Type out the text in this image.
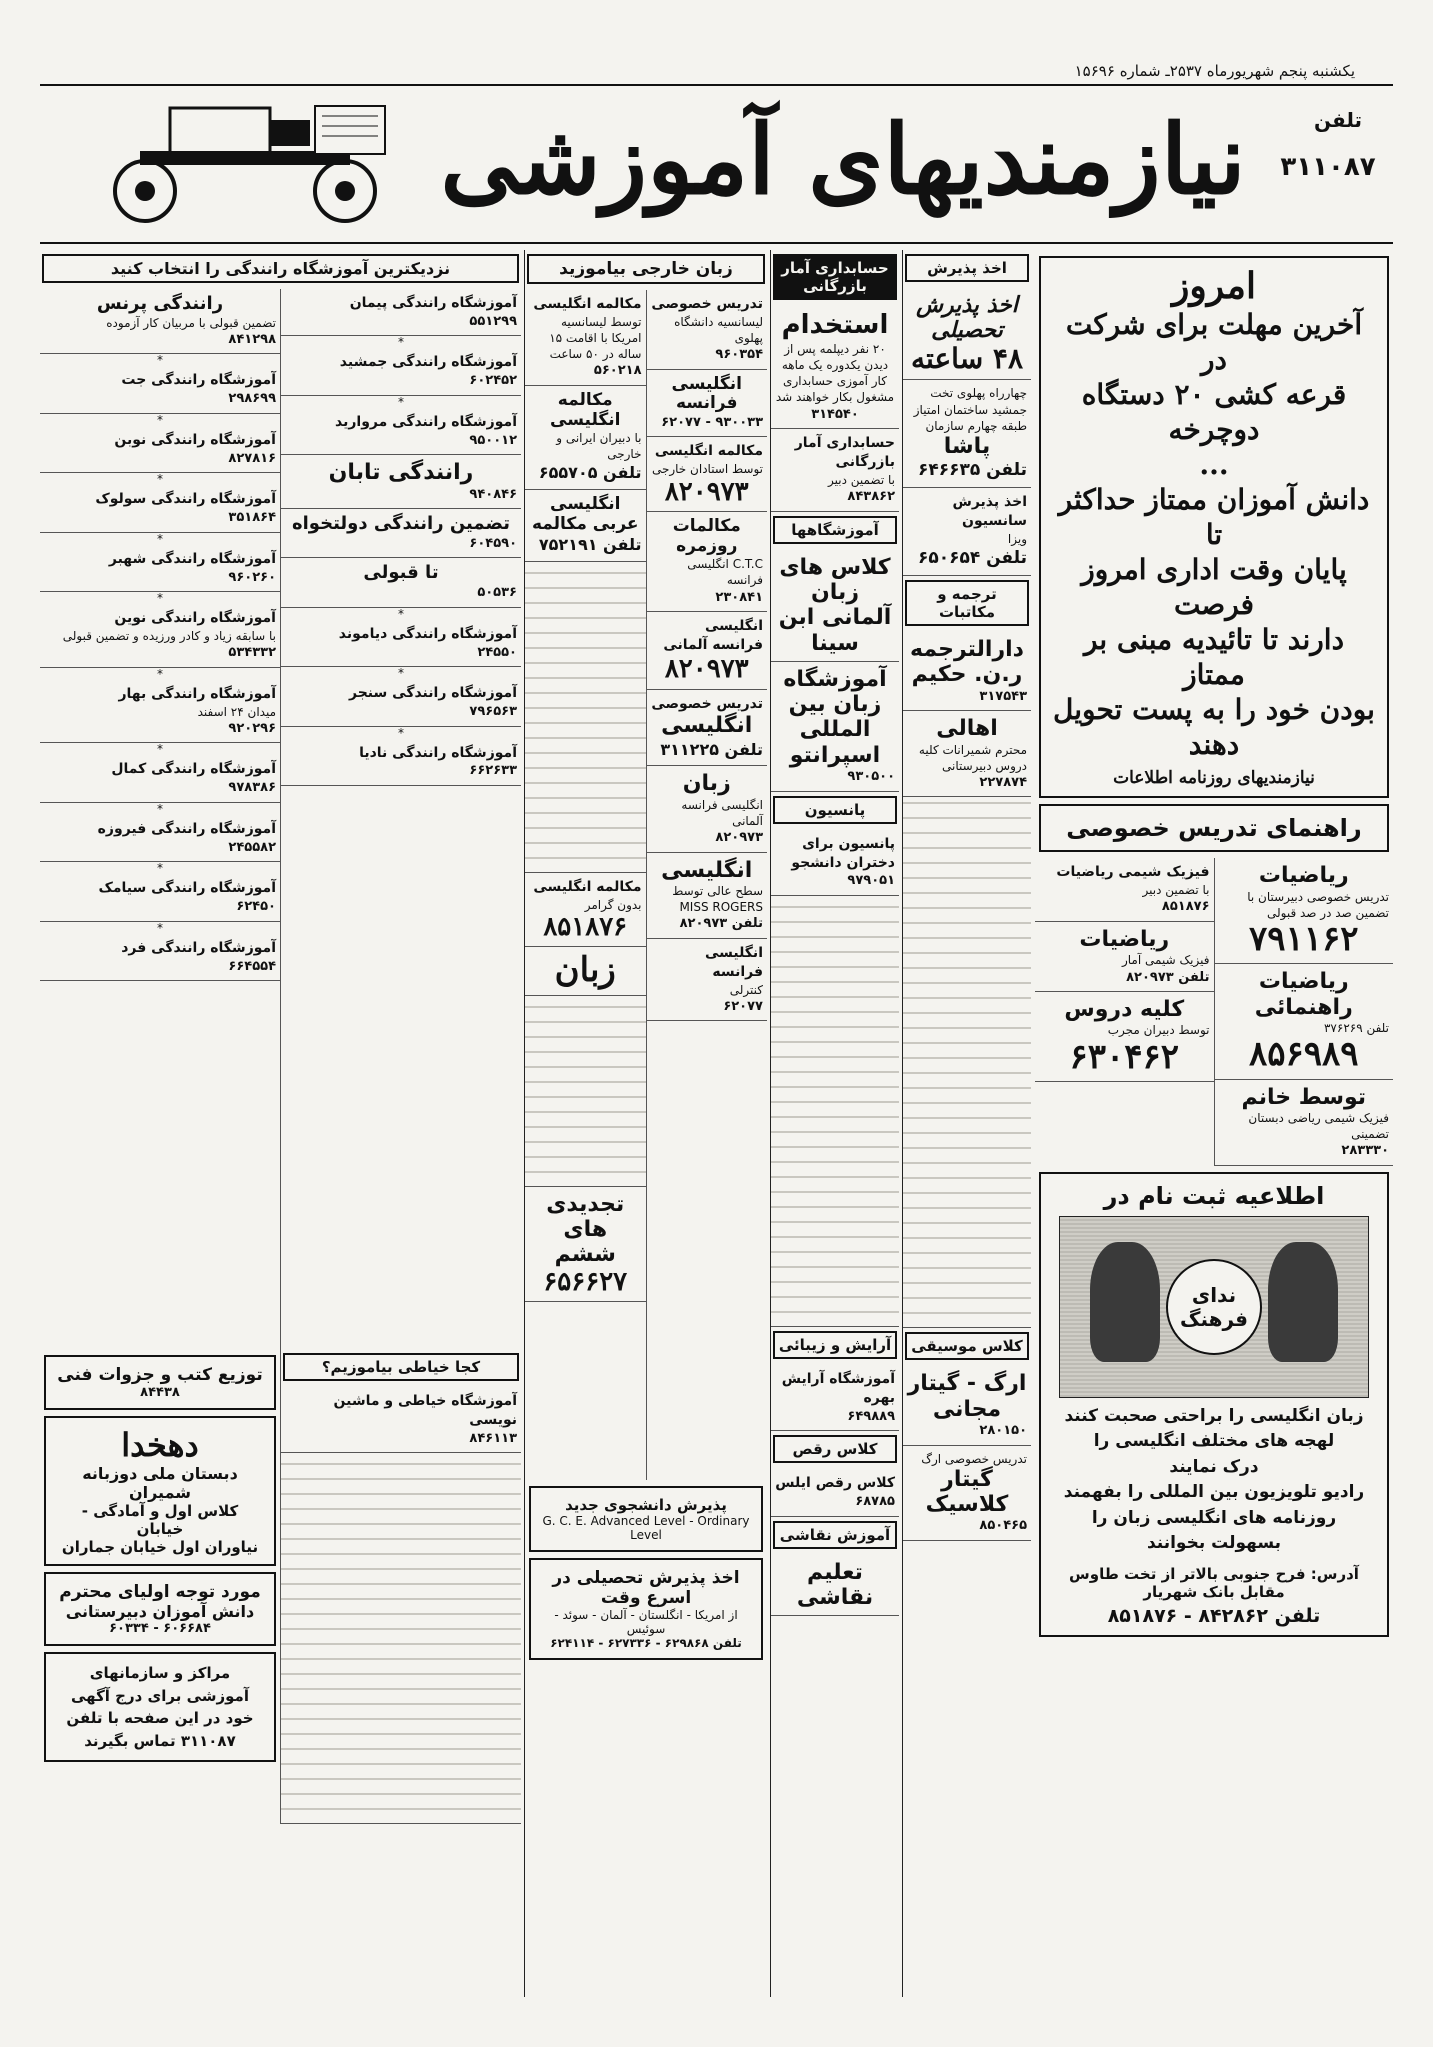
یکشنبه پنجم شهریورماه ۲۵۳۷ـ شماره ۱۵۶۹۶
تلفن
۳۱۱۰۸۷
نیازمندیهای آموزشی
امروز
آخرین مهلت برای شرکت در
قرعه کشی ۲۰ دستگاه دوچرخه
...
دانش آموزان ممتاز حداکثر تا
پایان وقت اداری امروز فرصت
دارند تا تائیدیه مبنی بر ممتاز
بودن خود را به پست تحویل دهند
نیازمندیهای روزنامه اطلاعات
راهنمای تدریس خصوصی
ریاضیات
تدریس خصوصی دبیرستان با تضمین صد در صد قبولی
۷۹۱۱۶۲
ریاضیات راهنمائی
تلفن ۳۷۶۲۶۹
۸۵۶۹۸۹
توسط خانم
فیزیک شیمی ریاضی دبستان تضمینی
۲۸۳۳۳۰
فیزیک شیمی ریاضیات
با تضمین دبیر
۸۵۱۸۷۶
ریاضیات
فیزیک شیمی آمار
تلفن ۸۲۰۹۷۳
کلیه دروس
توسط دبیران مجرب
۶۳۰۴۶۲
اطلاعیه ثبت نام در
ندای فرهنگ
زبان انگلیسی را براحتی صحبت کنند
لهجه های مختلف انگلیسی را
درک نمایند
رادیو تلویزیون بین المللی را بفهمند
روزنامه های انگلیسی زبان را
بسهولت بخوانند
آدرس: فرح جنوبی بالاتر از تخت طاوس مقابل بانک شهریار
تلفن ۸۴۲۸۶۲ - ۸۵۱۸۷۶
اخذ پذیرش
اخذ پذیرش تحصیلی
۴۸ ساعته
چهارراه پهلوی تخت جمشید ساختمان امتیاز طبقه چهارم سازمان
پاشا
تلفن ۶۴۶۶۳۵
اخذ پذیرش سانسیون
ویزا
تلفن ۶۵۰۶۵۴
ترجمه و مکاتبات
دارالترجمه ر.ن. حکیم
۳۱۷۵۴۳
اهالی
محترم شمیرانات کلیه دروس دبیرستانی
۲۲۷۸۷۴
کلاس موسیقی
ارگ - گیتار مجانی
۲۸۰۱۵۰
تدریس خصوصی ارگ
گیتار کلاسیک
۸۵۰۴۶۵
حسابداری آمار بازرگانی
استخدام
۲۰ نفر دیپلمه پس از دیدن یکدوره یک ماهه کار آموزی حسابداری مشغول بکار خواهند شد
۳۱۴۵۴۰
حسابداری آمار بازرگانی
با تضمین دبیر
۸۴۳۸۶۲
آموزشگاهها
کلاس های زبان آلمانی ابن سینا
آموزشگاه زبان بین المللی اسپرانتو
۹۳۰۵۰۰
پانسیون
پانسیون برای دختران دانشجو
۹۷۹۰۵۱
آرایش و زیبائی
آموزشگاه آرایش بهره
۶۴۹۸۸۹
کلاس رقص
کلاس رقص ایلس
۶۸۷۸۵
آموزش نقاشی
تعلیم نقاشی
زبان خارجی بیاموزید
تدریس خصوصی
لیسانسیه دانشگاه پهلوی
۹۶۰۳۵۴
انگلیسی فرانسه
۹۳۰۰۳۳ - ۶۲۰۷۷
مکالمه انگلیسی
توسط استادان خارجی
۸۲۰۹۷۳
مکالمات روزمره
C.T.C انگلیسی فرانسه
۲۳۰۸۴۱
انگلیسی فرانسه آلمانی
۸۲۰۹۷۳
تدریس خصوصی
انگلیسی
تلفن ۳۱۱۲۲۵
زبان
انگلیسی فرانسه آلمانی
۸۲۰۹۷۳
انگلیسی
سطح عالی توسط MISS ROGERS
تلفن ۸۲۰۹۷۳
انگلیسی فرانسه
کنترلی
۶۲۰۷۷
مکالمه انگلیسی
توسط لیسانسیه امریکا با اقامت ۱۵ ساله در ۵۰ ساعت
۵۶۰۲۱۸
مکالمه انگلیسی
با دبیران ایرانی و خارجی
تلفن ۶۵۵۷۰۵
انگلیسی عربی مکالمه
تلفن ۷۵۲۱۹۱
مکالمه انگلیسی
بدون گرامر
۸۵۱۸۷۶
زبان
تجدیدی های ششم
۶۵۶۶۲۷
پذیرش دانشجوی جدید
G. C. E. Advanced Level - Ordinary Level
اخذ پذیرش تحصیلی در اسرع وقت
از امریکا - انگلستان - آلمان - سوئد - سوئیس
تلفن ۶۲۹۸۶۸ - ۶۲۷۳۳۶ - ۶۲۴۱۱۴
نزدیکترین آموزشگاه رانندگی را انتخاب کنید
آموزشگاه رانندگی پیمان
۵۵۱۲۹۹
*
آموزشگاه رانندگی جمشید
۶۰۲۴۵۲
*
آموزشگاه رانندگی مروارید
۹۵۰۰۱۲
رانندگی تابان
۹۴۰۸۴۶
تضمین رانندگی دولتخواه
۶۰۴۵۹۰
تا قبولی
۵۰۵۳۶
*
آموزشگاه رانندگی دیاموند
۲۴۵۵۰
*
آموزشگاه رانندگی سنجر
۷۹۶۵۶۳
*
آموزشگاه رانندگی نادیا
۶۶۲۶۳۳
رانندگی پرنس
تضمین قبولی با مربیان کار آزموده
۸۴۱۲۹۸
*
آموزشگاه رانندگی جت
۲۹۸۶۹۹
*
آموزشگاه رانندگی نوبن
۸۲۷۸۱۶
*
آموزشگاه رانندگی سولوک
۳۵۱۸۶۴
*
آموزشگاه رانندگی شهبر
۹۶۰۲۶۰
*
آموزشگاه رانندگی نوین
با سابقه زیاد و کادر ورزیده و تضمین قبولی
۵۳۴۳۳۲
*
آموزشگاه رانندگی بهار
میدان ۲۴ اسفند
۹۲۰۲۹۶
*
آموزشگاه رانندگی کمال
۹۷۸۳۸۶
*
آموزشگاه رانندگی فیروزه
۲۴۵۵۸۲
*
آموزشگاه رانندگی سیامک
۶۲۴۵۰
*
آموزشگاه رانندگی فرد
۶۶۴۵۵۴
کجا خیاطی بیاموزیم؟
آموزشگاه خیاطی و ماشین نویسی
۸۴۶۱۱۳
توزیع کتب و جزوات فنی
۸۴۴۳۸
دهخدا
دبستان ملی دوزبانه شمیران
کلاس اول و آمادگی - خیابان
نیاوران اول خیابان جماران
مورد توجه اولیای محترم
دانش آموزان دبیرستانی
۶۰۶۶۸۴ - ۶۰۳۳۴
مراکز و سازمانهای آموزشی برای درج آگهی خود در این صفحه با تلفن ۳۱۱۰۸۷ تماس بگیرند
